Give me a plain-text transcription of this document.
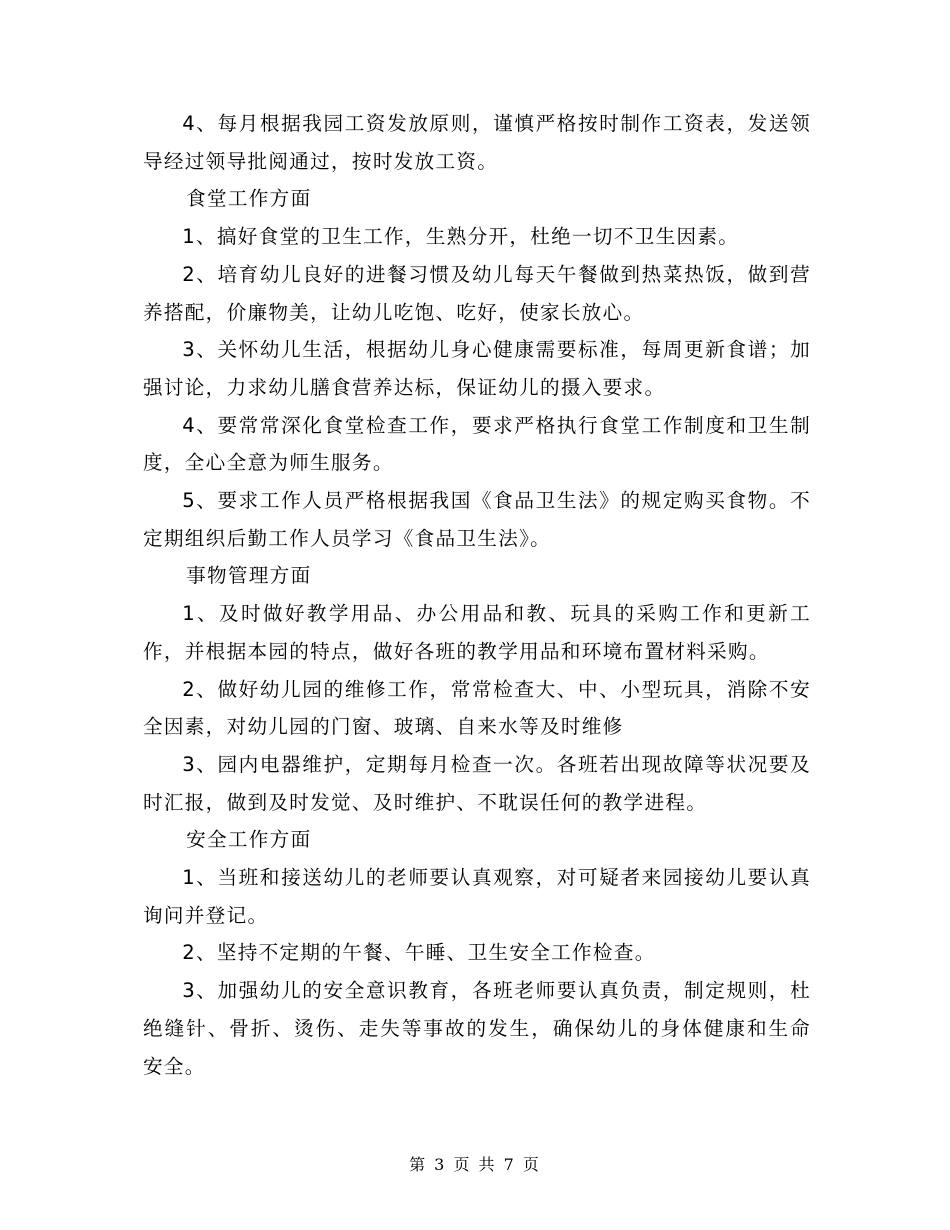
4、每月根据我园工资发放原则，谨慎严格按时制作工资表，发送领导经过领导批阅通过，按时发放工资。

食堂工作方面

1、搞好食堂的卫生工作，生熟分开，杜绝一切不卫生因素。

2、培育幼儿良好的进餐习惯及幼儿每天午餐做到热菜热饭，做到营养搭配，价廉物美，让幼儿吃饱、吃好，使家长放心。

3、关怀幼儿生活，根据幼儿身心健康需要标准，每周更新食谱；加强讨论，力求幼儿膳食营养达标，保证幼儿的摄入要求。

4、要常常深化食堂检查工作，要求严格执行食堂工作制度和卫生制度，全心全意为师生服务。

5、要求工作人员严格根据我国《食品卫生法》的规定购买食物。不定期组织后勤工作人员学习《食品卫生法》。

事物管理方面

1、及时做好教学用品、办公用品和教、玩具的采购工作和更新工作，并根据本园的特点，做好各班的教学用品和环境布置材料采购。

2、做好幼儿园的维修工作，常常检查大、中、小型玩具，消除不安全因素，对幼儿园的门窗、玻璃、自来水等及时维修

3、园内电器维护，定期每月检查一次。各班若出现故障等状况要及时汇报，做到及时发觉、及时维护、不耽误任何的教学进程。

安全工作方面

1、当班和接送幼儿的老师要认真观察，对可疑者来园接幼儿要认真询问并登记。

2、坚持不定期的午餐、午睡、卫生安全工作检查。

3、加强幼儿的安全意识教育，各班老师要认真负责，制定规则，杜绝缝针、骨折、烫伤、走失等事故的发生，确保幼儿的身体健康和生命安全。

第 3 页 共 7 页
